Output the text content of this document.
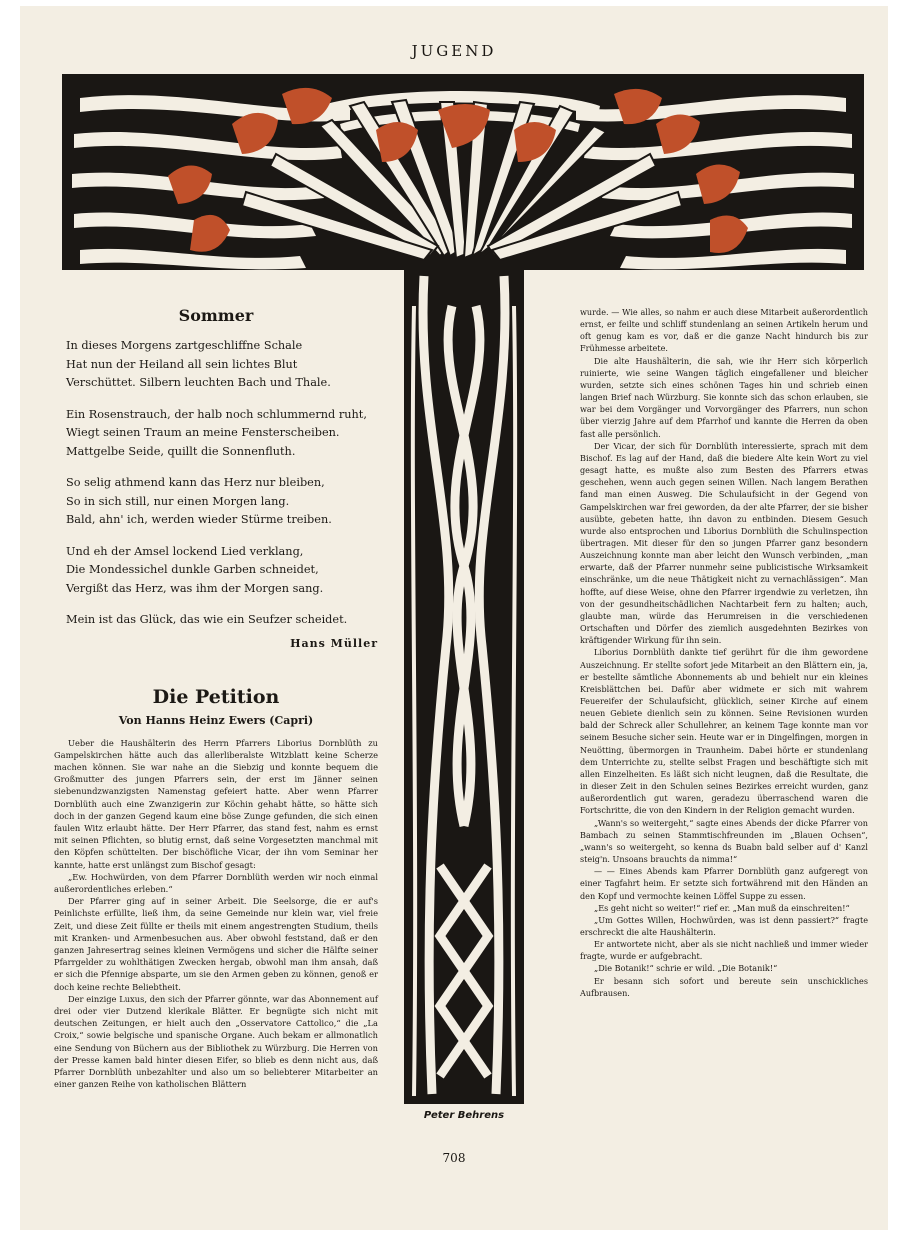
JUGEND
Sommer
In dieses Morgens zartgeschliffne Schale
Hat nun der Heiland all sein lichtes Blut
Verschüttet. Silbern leuchten Bach und Thale.
Ein Rosenstrauch, der halb noch schlummernd ruht,
Wiegt seinen Traum an meine Fensterscheiben.
Mattgelbe Seide, quillt die Sonnenfluth.
So selig athmend kann das Herz nur bleiben,
So in sich still, nur einen Morgen lang.
Bald, ahn' ich, werden wieder Stürme treiben.
Und eh der Amsel lockend Lied verklang,
Die Mondessichel dunkle Garben schneidet,
Vergißt das Herz, was ihm der Morgen sang.
Mein ist das Glück, das wie ein Seufzer scheidet.
Hans Müller
Die Petition
Von Hanns Heinz Ewers (Capri)

Ueber die Haushälterin des Herrn Pfarrers Liborius Dornblüth zu Gampelskirchen hätte auch das allerliberalste Witzblatt keine Scherze machen können. Sie war nahe an die Siebzig und konnte bequem die Großmutter des jungen Pfarrers sein, der erst im Jänner seinen siebenundzwanzigsten Namenstag gefeiert hatte. Aber wenn Pfarrer Dornblüth auch eine Zwanzigerin zur Köchin gehabt hätte, so hätte sich doch in der ganzen Gegend kaum eine böse Zunge gefunden, die sich einen faulen Witz erlaubt hätte. Der Herr Pfarrer, das stand fest, nahm es ernst mit seinen Pflichten, so blutig ernst, daß seine Vorgesetzten manchmal mit den Köpfen schüttelten. Der bischöfliche Vicar, der ihn vom Seminar her kannte, hatte erst unlängst zum Bischof gesagt:

„Ew. Hochwürden, von dem Pfarrer Dornblüth werden wir noch einmal außerordentliches erleben.“

Der Pfarrer ging auf in seiner Arbeit. Die Seelsorge, die er auf's Peinlichste erfüllte, ließ ihm, da seine Gemeinde nur klein war, viel freie Zeit, und diese Zeit füllte er theils mit einem angestrengten Studium, theils mit Kranken- und Armenbesuchen aus. Aber obwohl feststand, daß er den ganzen Jahresertrag seines kleinen Vermögens und sicher die Hälfte seiner Pfarrgelder zu wohlthätigen Zwecken hergab, obwohl man ihm ansah, daß er sich die Pfennige absparte, um sie den Armen geben zu können, genoß er doch keine rechte Beliebtheit.

Der einzige Luxus, den sich der Pfarrer gönnte, war das Abonnement auf drei oder vier Dutzend klerikale Blätter. Er begnügte sich nicht mit deutschen Zeitungen, er hielt auch den „Osservatore Cattolico,“ die „La Croix,“ sowie belgische und spanische Organe. Auch bekam er allmonatlich eine Sendung von Büchern aus der Bibliothek zu Würzburg. Die Herren von der Presse kamen bald hinter diesen Eifer, so blieb es denn nicht aus, daß Pfarrer Dornblüth unbezahlter und also um so beliebterer Mitarbeiter an einer ganzen Reihe von katholischen Blättern

wurde. — Wie alles, so nahm er auch diese Mitarbeit außerordentlich ernst, er feilte und schliff stundenlang an seinen Artikeln herum und oft genug kam es vor, daß er die ganze Nacht hindurch bis zur Frühmesse arbeitete.

Die alte Haushälterin, die sah, wie ihr Herr sich körperlich ruinierte, wie seine Wangen täglich eingefallener und bleicher wurden, setzte sich eines schönen Tages hin und schrieb einen langen Brief nach Würzburg. Sie konnte sich das schon erlauben, sie war bei dem Vorgänger und Vorvorgänger des Pfarrers, nun schon über vierzig Jahre auf dem Pfarrhof und kannte die Herren da oben fast alle persönlich.

Der Vicar, der sich für Dornblüth interessierte, sprach mit dem Bischof. Es lag auf der Hand, daß die biedere Alte kein Wort zu viel gesagt hatte, es mußte also zum Besten des Pfarrers etwas geschehen, wenn auch gegen seinen Willen. Nach langem Berathen fand man einen Ausweg. Die Schulaufsicht in der Gegend von Gampelskirchen war frei geworden, da der alte Pfarrer, der sie bisher ausübte, gebeten hatte, ihn davon zu entbinden. Diesem Gesuch wurde also entsprochen und Liborius Dornblüth die Schulinspection übertragen. Mit dieser für den so jungen Pfarrer ganz besondern Auszeichnung konnte man aber leicht den Wunsch verbinden, „man erwarte, daß der Pfarrer nunmehr seine publicistische Wirksamkeit einschränke, um die neue Thätigkeit nicht zu vernachlässigen“. Man hoffte, auf diese Weise, ohne den Pfarrer irgendwie zu verletzen, ihn von der gesundheitschädlichen Nachtarbeit fern zu halten; auch, glaubte man, würde das Herumreisen in die verschiedenen Ortschaften und Dörfer des ziemlich ausgedehnten Bezirkes von kräftigender Wirkung für ihn sein.

Liborius Dornblüth dankte tief gerührt für die ihm gewordene Auszeichnung. Er stellte sofort jede Mitarbeit an den Blättern ein, ja, er bestellte sämtliche Abonnements ab und behielt nur ein kleines Kreisblättchen bei. Dafür aber widmete er sich mit wahrem Feuereifer der Schulaufsicht, glücklich, seiner Kirche auf einem neuen Gebiete dienlich sein zu können. Seine Revisionen wurden bald der Schreck aller Schullehrer, an keinem Tage konnte man vor seinem Besuche sicher sein. Heute war er in Dingelfingen, morgen in Neuötting, übermorgen in Traunheim. Dabei hörte er stundenlang dem Unterrichte zu, stellte selbst Fragen und beschäftigte sich mit allen Einzelheiten. Es läßt sich nicht leugnen, daß die Resultate, die in dieser Zeit in den Schulen seines Bezirkes erreicht wurden, ganz außerordentlich gut waren, geradezu überraschend waren die Fortschritte, die von den Kindern in der Religion gemacht wurden.

„Wann's so weitergeht,“ sagte eines Abends der dicke Pfarrer von Bambach zu seinen Stammtischfreunden im „Blauen Ochsen“, „wann's so weitergeht, so kenna ds Buabn bald selber auf d' Kanzl steig'n. Unsoans brauchts da nimma!“

— — Eines Abends kam Pfarrer Dornblüth ganz aufgeregt von einer Tagfahrt heim. Er setzte sich fortwährend mit den Händen an den Kopf und vermochte keinen Löffel Suppe zu essen.

„Es geht nicht so weiter!“ rief er. „Man muß da einschreiten!“

„Um Gottes Willen, Hochwürden, was ist denn passiert?“ fragte erschreckt die alte Haushälterin.

Er antwortete nicht, aber als sie nicht nachließ und immer wieder fragte, wurde er aufgebracht.

„Die Botanik!“ schrie er wild. „Die Botanik!“

Er besann sich sofort und bereute sein unschickliches Aufbrausen.

Peter Behrens
708
